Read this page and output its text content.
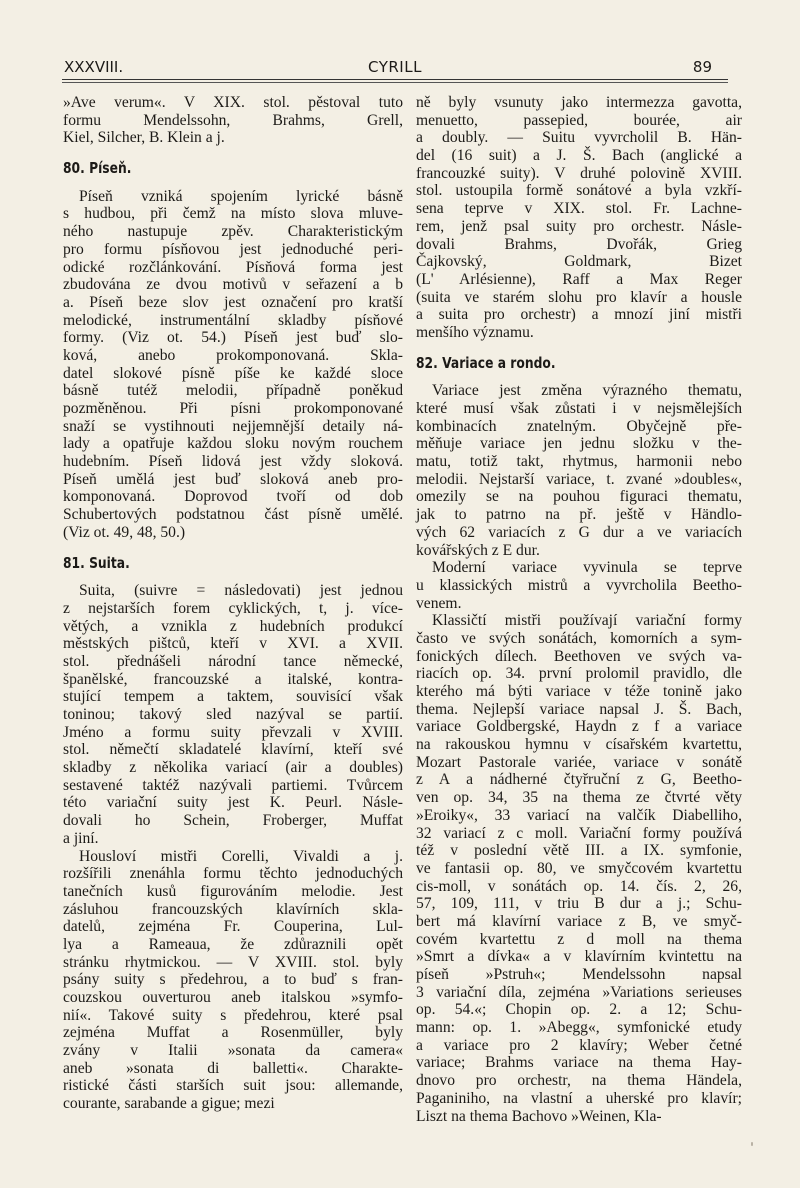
XXXVIII.	CYRILL	89
»Ave verum«. V XIX. stol. pěstoval tuto
formu Mendelssohn, Brahms, Grell,
Kiel, Silcher, B. Klein a j.
80. Píseň.
Píseň vzniká spojením lyrické básně
s hudbou, při čemž na místo slova mluve-
ného nastupuje zpěv. Charakteristickým
pro formu písňovou jest jednoduché peri-
odické rozčlánkování. Písňová forma jest
zbudována ze dvou motivů v seřazení a b
a. Píseň beze slov jest označení pro kratší
melodické, instrumentální skladby písňové
formy. (Viz ot. 54.) Píseň jest buď slo-
ková, anebo prokomponovaná. Skla-
datel slokové písně píše ke každé sloce
básně tutéž melodii, případně poněkud
pozměněnou. Při písni prokomponované
snaží se vystihnouti nejjemnější detaily ná-
lady a opatřuje každou sloku novým rouchem
hudebním. Píseň lidová jest vždy sloková.
Píseň umělá jest buď sloková aneb pro-
komponovaná. Doprovod tvoří od dob
Schubertových podstatnou část písně umělé.
(Viz ot. 49, 48, 50.)
81. Suita.
Suita, (suivre = následovati) jest jednou
z nejstarších forem cyklických, t, j. více-
větých, a vznikla z hudebních produkcí
městských pištců, kteří v XVI. a XVII.
stol. přednášeli národní tance německé,
španělské, francouzské a italské, kontra-
stující tempem a taktem, souvisící však
toninou; takový sled nazýval se partií.
Jméno a formu suity převzali v XVIII.
stol. němečtí skladatelé klavírní, kteří své
skladby z několika variací (air a doubles)
sestavené taktéž nazývali partiemi. Tvůrcem
této variační suity jest K. Peurl. Násle-
dovali ho Schein, Froberger, Muffat
a jiní.
Housloví mistři Corelli, Vivaldi a j.
rozšířili znenáhla formu těchto jednoduchých
tanečních kusů figurováním melodie. Jest
zásluhou francouzských klavírních skla-
datelů, zejména Fr. Couperina, Lul-
lya a Rameaua, že zdůraznili opět
stránku rhytmickou. — V XVIII. stol. byly
psány suity s předehrou, a to buď s fran-
couzskou ouverturou aneb italskou »symfo-
nií«. Takové suity s předehrou, které psal
zejména Muffat a Rosenmüller, byly
zvány v Italii »sonata da camera«
aneb »sonata di balletti«. Charakte-
ristické části starších suit jsou: allemande,
courante, sarabande a gigue; mezi
ně byly vsunuty jako intermezza gavotta,
menuetto, passepied, bourée, air
a doubly. — Suitu vyvrcholil B. Hän-
del (16 suit) a J. Š. Bach (anglické a
francouzké suity). V druhé polovině XVIII.
stol. ustoupila formě sonátové a byla vzkří-
sena teprve v XIX. stol. Fr. Lachne-
rem, jenž psal suity pro orchestr. Násle-
dovali Brahms, Dvořák, Grieg
Čajkovský, Goldmark, Bizet
(L' Arlésienne), Raff a Max Reger
(suita ve starém slohu pro klavír a housle
a suita pro orchestr) a mnozí jiní mistři
menšího významu.
82. Variace a rondo.
Variace jest změna výrazného thematu,
které musí však zůstati i v nejsmělejších
kombinacích znatelným. Obyčejně pře-
měňuje variace jen jednu složku v the-
matu, totiž takt, rhytmus, harmonii nebo
melodii. Nejstarší variace, t. zvané »doubles«,
omezily se na pouhou figuraci thematu,
jak to patrno na př. ještě v Händlo-
vých 62 variacích z G dur a ve variacích
kovářských z E dur.
Moderní variace vyvinula se teprve
u klassických mistrů a vyvrcholila Beetho-
venem.
Klassičtí mistři používají variační formy
často ve svých sonátách, komorních a sym-
fonických dílech. Beethoven ve svých va-
riacích op. 34. první prolomil pravidlo, dle
kterého má býti variace v téže tonině jako
thema. Nejlepší variace napsal J. Š. Bach,
variace Goldbergské, Haydn z f a variace
na rakouskou hymnu v císařském kvartettu,
Mozart Pastorale variée, variace v sonátě
z A a nádherné čtyřruční z G, Beetho-
ven op. 34, 35 na thema ze čtvrté věty
»Eroiky«, 33 variací na valčík Diabelliho,
32 variací z c moll. Variační formy používá
též v poslední větě III. a IX. symfonie,
ve fantasii op. 80, ve smyčcovém kvartettu
cis-moll, v sonátách op. 14. čís. 2, 26,
57, 109, 111, v triu B dur a j.; Schu-
bert má klavírní variace z B, ve smyč-
covém kvartettu z d moll na thema
»Smrt a dívka« a v klavírním kvintettu na
píseň »Pstruh«; Mendelssohn napsal
3 variační díla, zejména »Variations serieuses
op. 54.«; Chopin op. 2. a 12; Schu-
mann: op. 1. »Abegg«, symfonické etudy
a variace pro 2 klavíry; Weber četné
variace; Brahms variace na thema Hay-
dnovo pro orchestr, na thema Händela,
Paganiniho, na vlastní a uherské pro klavír;
Liszt na thema Bachovo »Weinen, Kla-
